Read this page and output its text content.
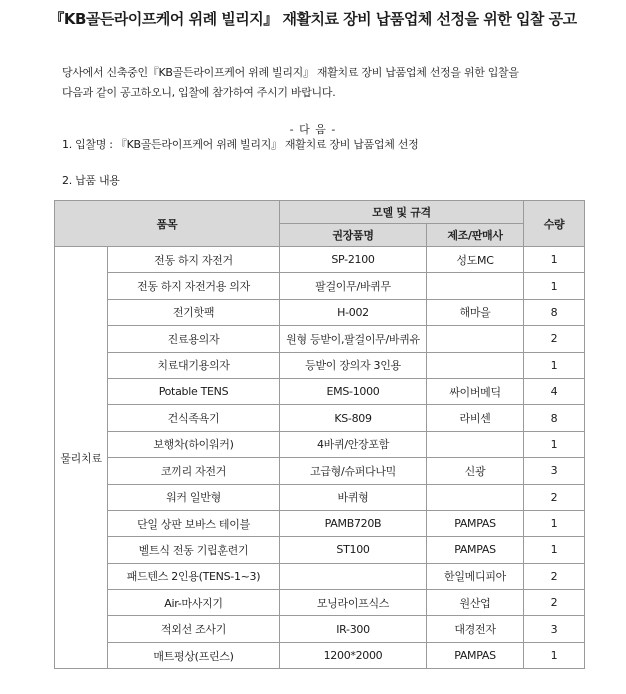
『KB골든라이프케어 위례 빌리지』 재활치료 장비 납품업체 선정을 위한 입찰 공고
당사에서 신축중인『KB골든라이프케어 위례 빌리지』 재활치료 장비 납품업체 선정을 위한 입찰을
다음과 같이 공고하오니, 입찰에 참가하여 주시기 바랍니다.
- 다 음 -
1. 입찰명 : 『KB골든라이프케어 위례 빌리지』 재활치료 장비 납품업체 선정
2. 납품 내용
품목		모델 및 규격		수량
		권장품명	제조/판매사	
물리치료	전동 하지 자전거	SP-2100	성도MC	1
	전동 하지 자전거용 의자	팔걸이무/바퀴무		1
	전기핫팩	H-002	해마을	8
	진료용의자	원형 등받이,팔걸이무/바퀴유		2
	치료대기용의자	등받이 장의자 3인용		1
	Potable TENS	EMS-1000	싸이버메딕	4
	건식족욕기	KS-809	라비센	8
	보행차(하이워커)	4바퀴/안장포함		1
	코끼리 자전거	고급형/슈퍼다나믹	신광	3
	워커 일반형	바퀴형		2
	단일 상판 보바스 테이블	PAMB720B	PAMPAS	1
	벨트식 전동 기립훈련기	ST100	PAMPAS	1
	패드텐스 2인용(TENS-1~3)		한일메디피아	2
	Air-마사지기	모닝라이프식스	원산업	2
	적외선 조사기	IR-300	대경전자	3
	매트평상(프린스)	1200*2000	PAMPAS	1
